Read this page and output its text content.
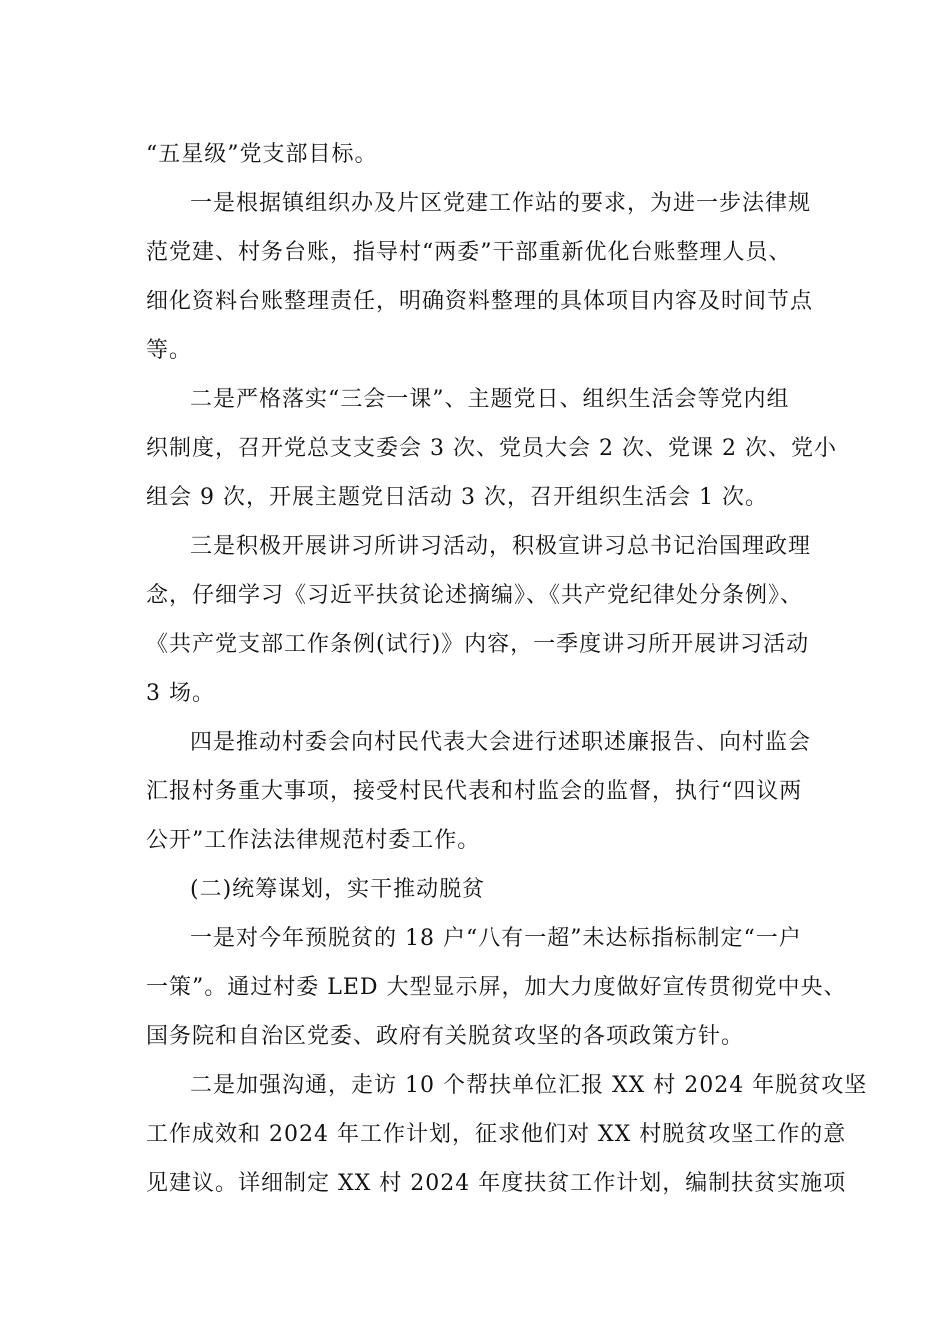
“五星级”党支部目标。
一是根据镇组织办及片区党建工作站的要求，为进一步法律规
范党建、村务台账，指导村“两委”干部重新优化台账整理人员、
细化资料台账整理责任，明确资料整理的具体项目内容及时间节点
等。
二是严格落实“三会一课”、主题党日、组织生活会等党内组
织制度，召开党总支支委会 3 次、党员大会 2 次、党课 2 次、党小
组会 9 次，开展主题党日活动 3 次，召开组织生活会 1 次。
三是积极开展讲习所讲习活动，积极宣讲习总书记治国理政理
念，仔细学习《习近平扶贫论述摘编》、《共产党纪律处分条例》、
《共产党支部工作条例(试行)》内容，一季度讲习所开展讲习活动
3 场。
四是推动村委会向村民代表大会进行述职述廉报告、向村监会
汇报村务重大事项，接受村民代表和村监会的监督，执行“四议两
公开”工作法法律规范村委工作。
(二)统筹谋划，实干推动脱贫
一是对今年预脱贫的 18 户“八有一超”未达标指标制定“一户
一策”。通过村委 LED 大型显示屏，加大力度做好宣传贯彻党中央、
国务院和自治区党委、政府有关脱贫攻坚的各项政策方针。
二是加强沟通，走访 10 个帮扶单位汇报 XX 村 2024 年脱贫攻坚
工作成效和 2024 年工作计划，征求他们对 XX 村脱贫攻坚工作的意
见建议。详细制定 XX 村 2024 年度扶贫工作计划，编制扶贫实施项
